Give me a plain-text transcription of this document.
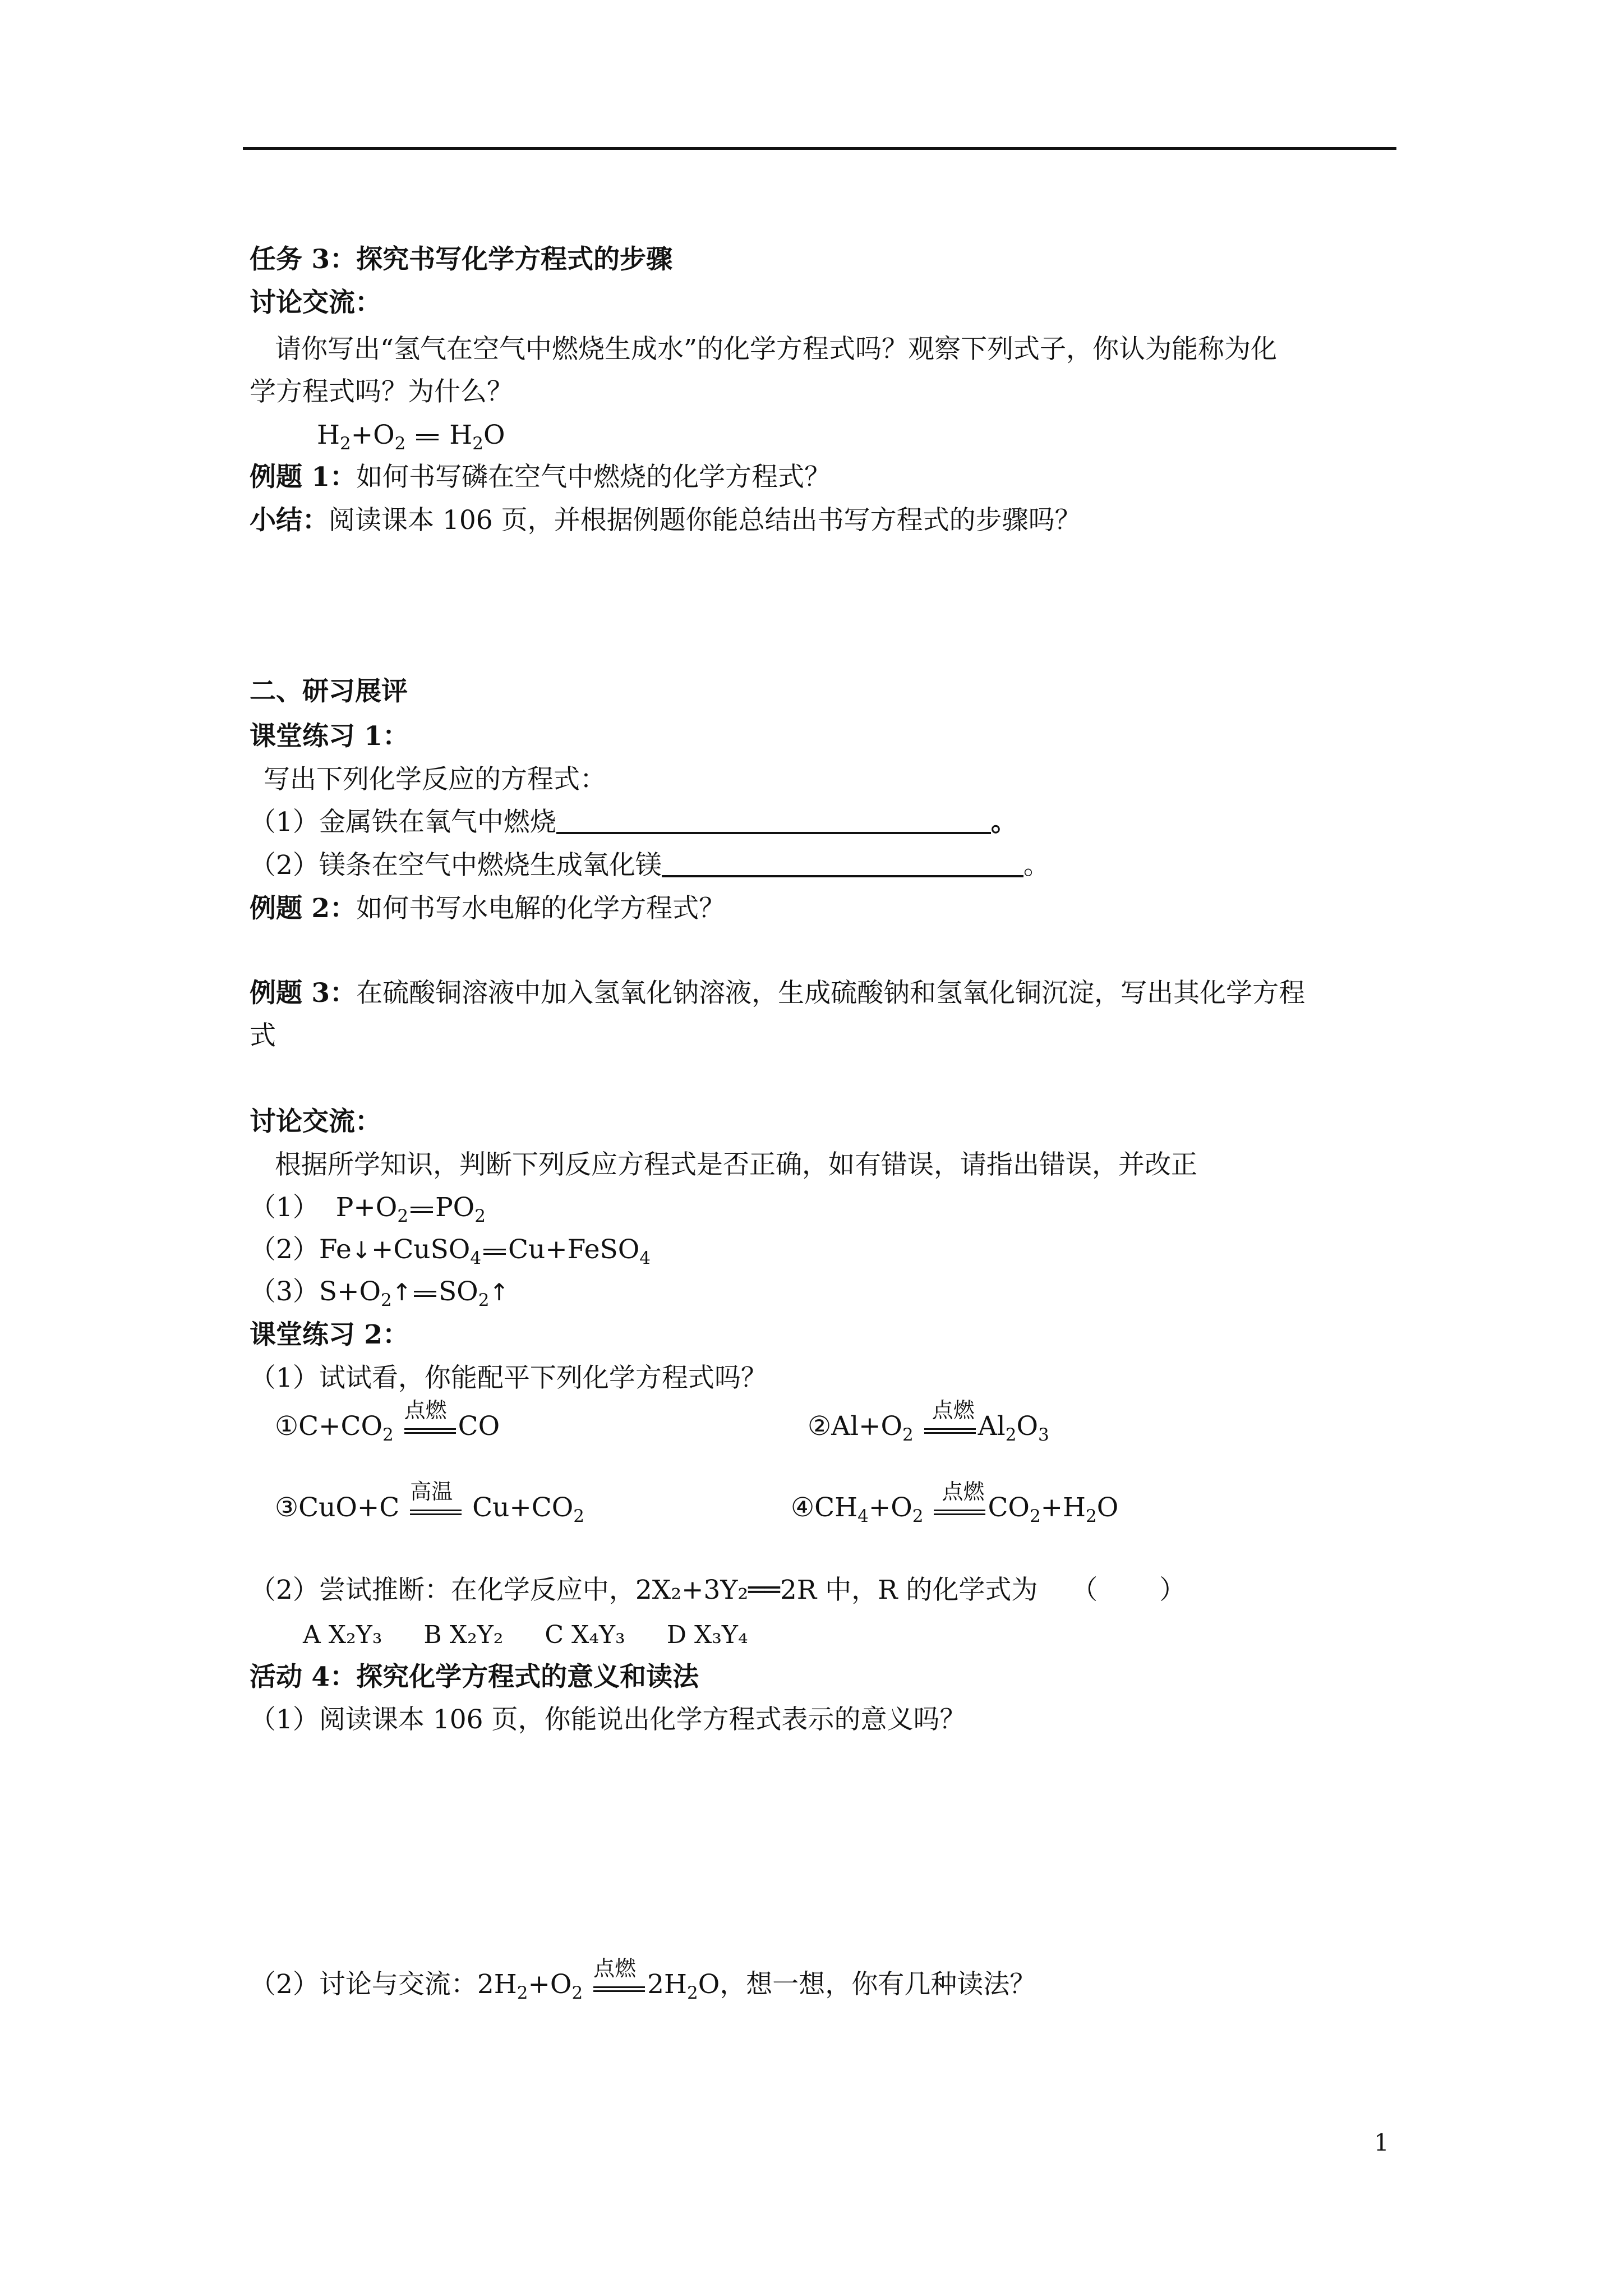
任务 3：探究书写化学方程式的步骤
讨论交流：
请你写出“氢气在空气中燃烧生成水”的化学方程式吗？观察下列式子，你认为能称为化
学方程式吗？为什么？
$H_2+O_2$  $H_2O$
例题 1：如何书写磷在空气中燃烧的化学方程式？
小结：阅读课本 106 页，并根据例题你能总结出书写方程式的步骤吗？
二、研习展评
课堂练习 1：
写出下列化学反应的方程式：
（1）金属铁在氧气中燃烧	。
（2）镁条在空气中燃烧生成氧化镁	。
例题 2：如何书写水电解的化学方程式？
例题 3：在硫酸铜溶液中加入氢氧化钠溶液，生成硫酸钠和氢氧化铜沉淀，写出其化学方程
式
讨论交流：
根据所学知识，判断下列反应方程式是否正确，如有错误，请指出错误，并改正
（1）  $P+O_2$ $PO_2$
（2）Fe↓+CuSO$_4$ Cu+FeSO$_4$
$(3)S+O_2↑$ $SO_2↑$
课堂练习 2：
（1）试试看，你能配平下列化学方程式吗？
$①C+CO_2$
点燃
CO	$②Al+O_2$
点燃
$Al_2O_3$
③CuO+C
高温
$Cu+CO_2$	$④CH_4+O_2$
点燃
$CO_2+H_2O$
（2）尝试推断：在化学反应中，2X₂+3Y₂══2R 中，R 的化学式为 （ ）
A X₂Y₃ B X₂Y₂ C X₄Y₃ D X₃Y₄
活动 4：探究化学方程式的意义和读法
（1）阅读课本 106 页，你能说出化学方程式表示的意义吗？
（2）讨论与交流：$2H_2+O_2$
点燃
$2H_2O$，想一想，你有几种读法？
1
